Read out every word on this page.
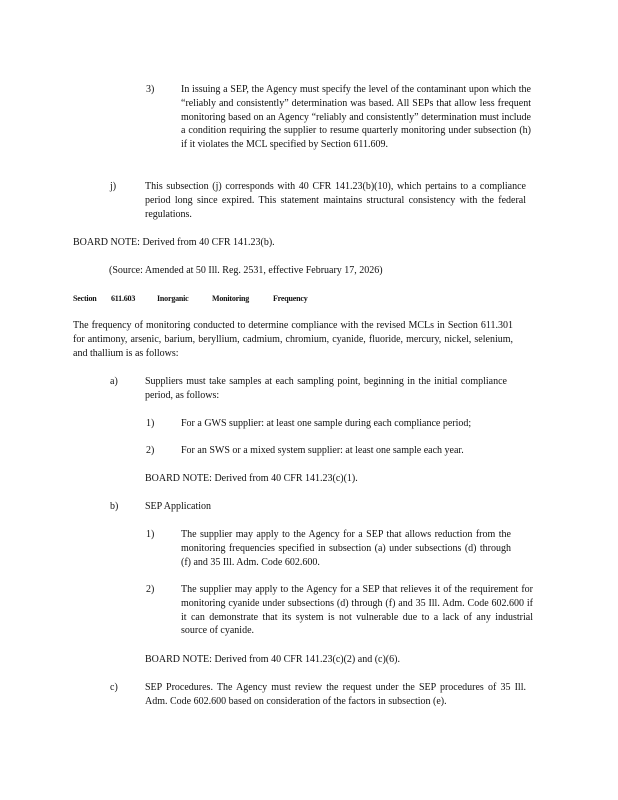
3)	In issuing a SEP, the Agency must specify the level of the contaminant upon which the “reliably and consistently” determination was based. All SEPs that allow less frequent monitoring based on an Agency “reliably and consistently” determination must include a condition requiring the supplier to resume quarterly monitoring under subsection (h) if it violates the MCL specified by Section 611.609.
j)	This subsection (j) corresponds with 40 CFR 141.23(b)(10), which pertains to a compliance period long since expired. This statement maintains structural consistency with the federal regulations.
BOARD NOTE: Derived from 40 CFR 141.23(b).
(Source: Amended at 50 Ill. Reg. 2531, effective February 17, 2026)
Section 611.603	Inorganic	Monitoring	Frequency
The frequency of monitoring conducted to determine compliance with the revised MCLs in Section 611.301 for antimony, arsenic, barium, beryllium, cadmium, chromium, cyanide, fluoride, mercury, nickel, selenium, and thallium is as follows:
a)	Suppliers must take samples at each sampling point, beginning in the initial compliance period, as follows:
1)	For a GWS supplier: at least one sample during each compliance period;
2)	For an SWS or a mixed system supplier: at least one sample each year.
BOARD NOTE: Derived from 40 CFR 141.23(c)(1).
b)	SEP Application
1)	The supplier may apply to the Agency for a SEP that allows reduction from the monitoring frequencies specified in subsection (a) under subsections (d) through (f) and 35 Ill. Adm. Code 602.600.
2)	The supplier may apply to the Agency for a SEP that relieves it of the requirement for monitoring cyanide under subsections (d) through (f) and 35 Ill. Adm. Code 602.600 if it can demonstrate that its system is not vulnerable due to a lack of any industrial source of cyanide.
BOARD NOTE: Derived from 40 CFR 141.23(c)(2) and (c)(6).
c)	SEP Procedures. The Agency must review the request under the SEP procedures of 35 Ill. Adm. Code 602.600 based on consideration of the factors in subsection (e).
